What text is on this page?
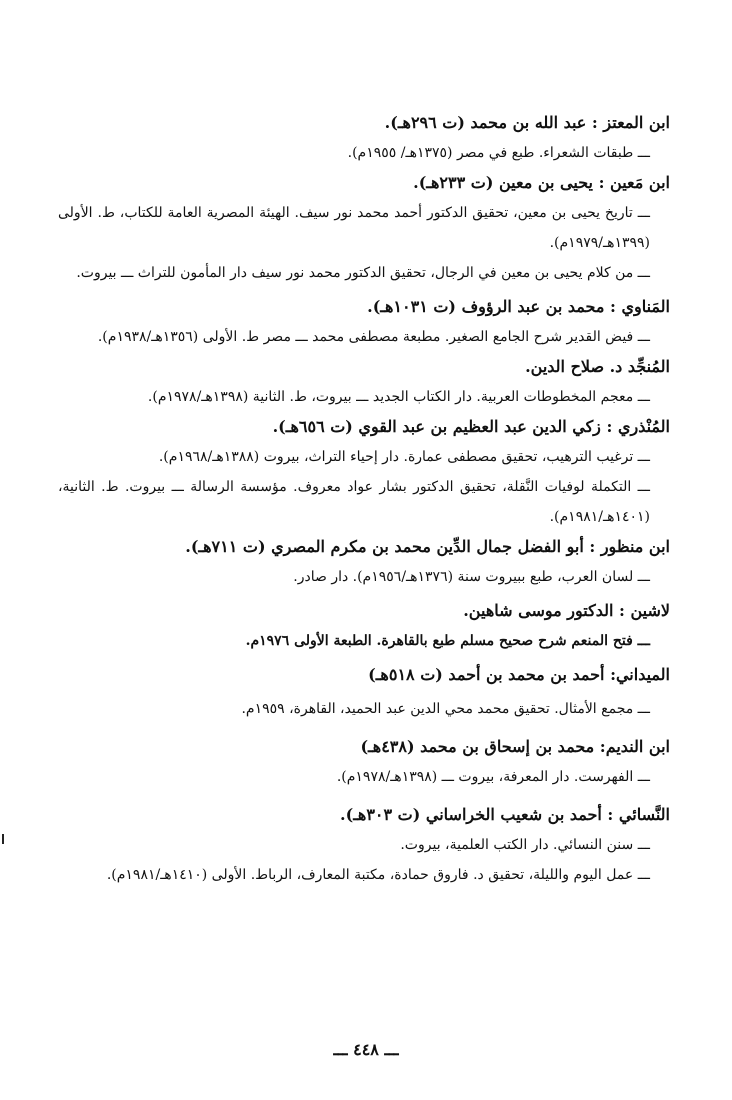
ابن المعتز : عبد الله بن محمد (ت ٢٩٦هـ).
ـــ طبقات الشعراء. طبع في مصر (١٣٧٥هـ/ ١٩٥٥م).
ابن مَعين : يحيى بن معين (ت ٢٣٣هـ).
ـــ تاريخ يحيى بن معين، تحقيق الدكتور أحمد محمد نور سيف. الهيئة المصرية العامة للكتاب، ط. الأولى (١٣٩٩هـ/١٩٧٩م).
ـــ من كلام يحيى بن معين في الرجال، تحقيق الدكتور محمد نور سيف دار المأمون للتراث ـــ بيروت.
المَناوي : محمد بن عبد الرؤوف (ت ١٠٣١هـ).
ـــ فيض القدير شرح الجامع الصغير. مطبعة مصطفى محمد ـــ مصر ط. الأولى (١٣٥٦هـ/١٩٣٨م).
المُنجِّد د. صلاح الدين.
ـــ معجم المخطوطات العربية. دار الكتاب الجديد ـــ بيروت، ط. الثانية (١٣٩٨هـ/١٩٧٨م).
المُنْذري : زكي الدين عبد العظيم بن عبد القوي (ت ٦٥٦هـ).
ـــ ترغيب الترهيب، تحقيق مصطفى عمارة. دار إحياء التراث، بيروت (١٣٨٨هـ/١٩٦٨م).
ـــ التكملة لوفيات النَّقلة، تحقيق الدكتور بشار عواد معروف. مؤسسة الرسالة ـــ بيروت. ط. الثانية، (١٤٠١هـ/١٩٨١م).
ابن منظور : أبو الفضل جمال الدِّين محمد بن مكرم المصري (ت ٧١١هـ).
ـــ لسان العرب، طبع ببيروت سنة (١٣٧٦هـ/١٩٥٦م). دار صادر.
لاشين : الدكتور موسى شاهين.
ـــ فتح المنعم شرح صحيح مسلم طبع بالقاهرة. الطبعة الأولى ١٩٧٦م.
الميداني: أحمد بن محمد بن أحمد (ت ٥١٨هـ)
ـــ مجمع الأمثال. تحقيق محمد محي الدين عبد الحميد، القاهرة، ١٩٥٩م.
ابن النديم: محمد بن إسحاق بن محمد (٤٣٨هـ)
ـــ الفهرست. دار المعرفة، بيروت ـــ (١٣٩٨هـ/١٩٧٨م).
النَّسائي : أحمد بن شعيب الخراساني (ت ٣٠٣هـ).
ـــ سنن النسائي. دار الكتب العلمية، بيروت.
ـــ عمل اليوم والليلة، تحقيق د. فاروق حمادة، مكتبة المعارف، الرباط. الأولى (١٤١٠هـ/١٩٨١م).
ـــ ٤٤٨ ـــ
